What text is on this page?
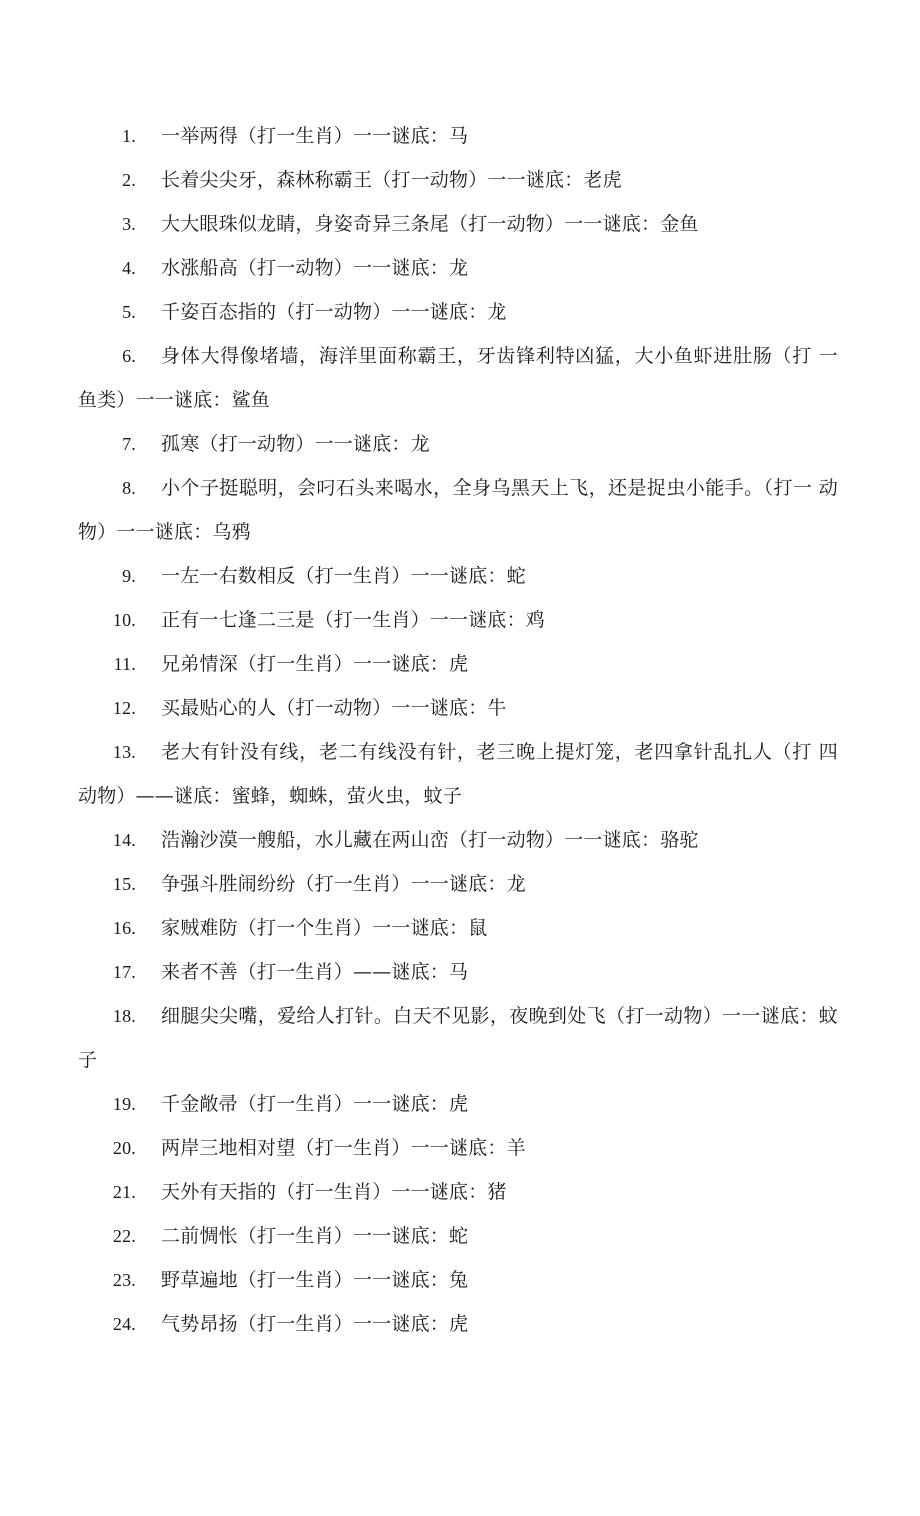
1. 一举两得（打一生肖）一一谜底：马
2. 长着尖尖牙，森林称霸王（打一动物）一一谜底：老虎
3. 大大眼珠似龙睛，身姿奇异三条尾（打一动物）一一谜底：金鱼
4. 水涨船高（打一动物）一一谜底：龙
5. 千姿百态指的（打一动物）一一谜底：龙
6. 身体大得像堵墙，海洋里面称霸王，牙齿锋利特凶猛，大小鱼虾进肚肠（打 一鱼类）一一谜底：鲨鱼
7. 孤寒（打一动物）一一谜底：龙
8. 小个子挺聪明，会叼石头来喝水，全身乌黑天上飞，还是捉虫小能手。（打一 动物）一一谜底：乌鸦
9. 一左一右数相反（打一生肖）一一谜底：蛇
10. 正有一七逢二三是（打一生肖）一一谜底：鸡
11. 兄弟情深（打一生肖）一一谜底：虎
12. 买最贴心的人（打一动物）一一谜底：牛
13. 老大有针没有线，老二有线没有针，老三晚上提灯笼，老四拿针乱扎人（打 四动物）——谜底：蜜蜂，蜘蛛，萤火虫，蚊子
14. 浩瀚沙漠一艘船，水儿藏在两山峦（打一动物）一一谜底：骆驼
15. 争强斗胜闹纷纷（打一生肖）一一谜底：龙
16. 家贼难防（打一个生肖）一一谜底：鼠
17. 来者不善（打一生肖）——谜底：马
18. 细腿尖尖嘴，爱给人打针。白天不见影，夜晚到处飞（打一动物）一一谜底：蚊子
19. 千金敞帚（打一生肖）一一谜底：虎
20. 两岸三地相对望（打一生肖）一一谜底：羊
21. 天外有天指的（打一生肖）一一谜底：猪
22. 二前惆怅（打一生肖）一一谜底：蛇
23. 野草遍地（打一生肖）一一谜底：兔
24. 气势昂扬（打一生肖）一一谜底：虎
